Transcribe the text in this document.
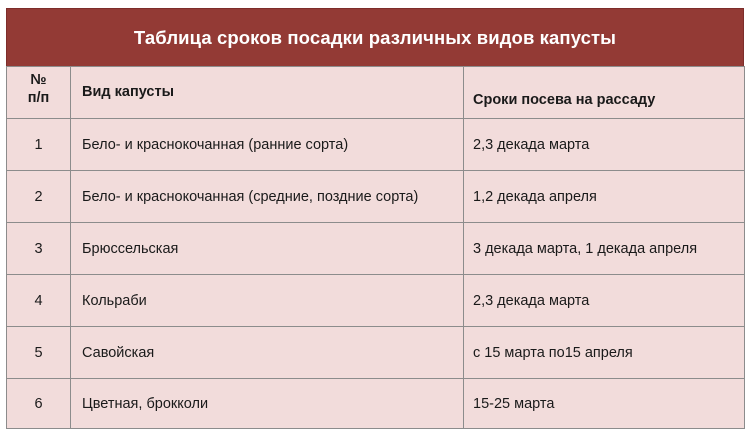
Таблица сроков посадки различных видов капусты
№ п/п	Вид капусты	Сроки посева на рассаду
1	Бело- и краснокочанная (ранние сорта)	2,3 декада марта
2	Бело- и краснокочанная (средние, поздние сорта)	1,2 декада апреля
3	Брюссельская	3 декада марта, 1 декада апреля
4	Кольраби	2,3 декада марта
5	Савойская	с 15 марта по15 апреля
6	Цветная, брокколи	15-25 марта
